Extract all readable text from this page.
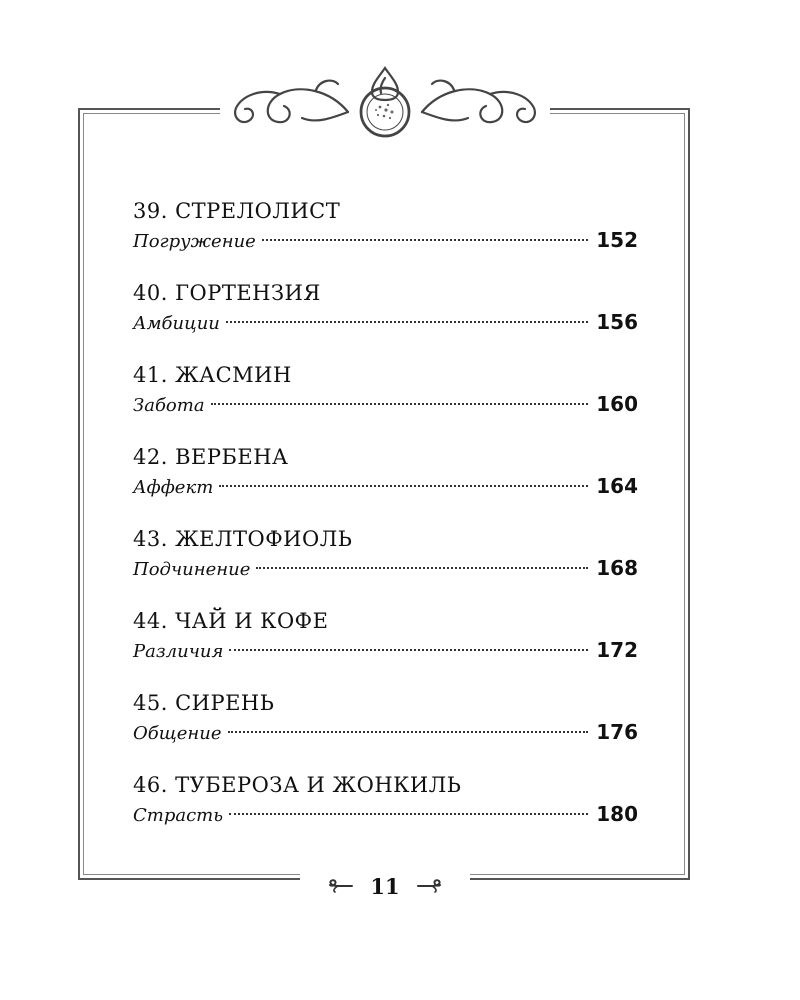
39. СТРЕЛОЛИСТ
Погружение	152
40. ГОРТЕНЗИЯ
Амбиции	156
41. ЖАСМИН
Забота	160
42. ВЕРБЕНА
Аффект	164
43. ЖЕЛТОФИОЛЬ
Подчинение	168
44. ЧАЙ И КОФЕ
Различия	172
45. СИРЕНЬ
Общение	176
46. ТУБЕРОЗА И ЖОНКИЛЬ
Страсть	180
11
